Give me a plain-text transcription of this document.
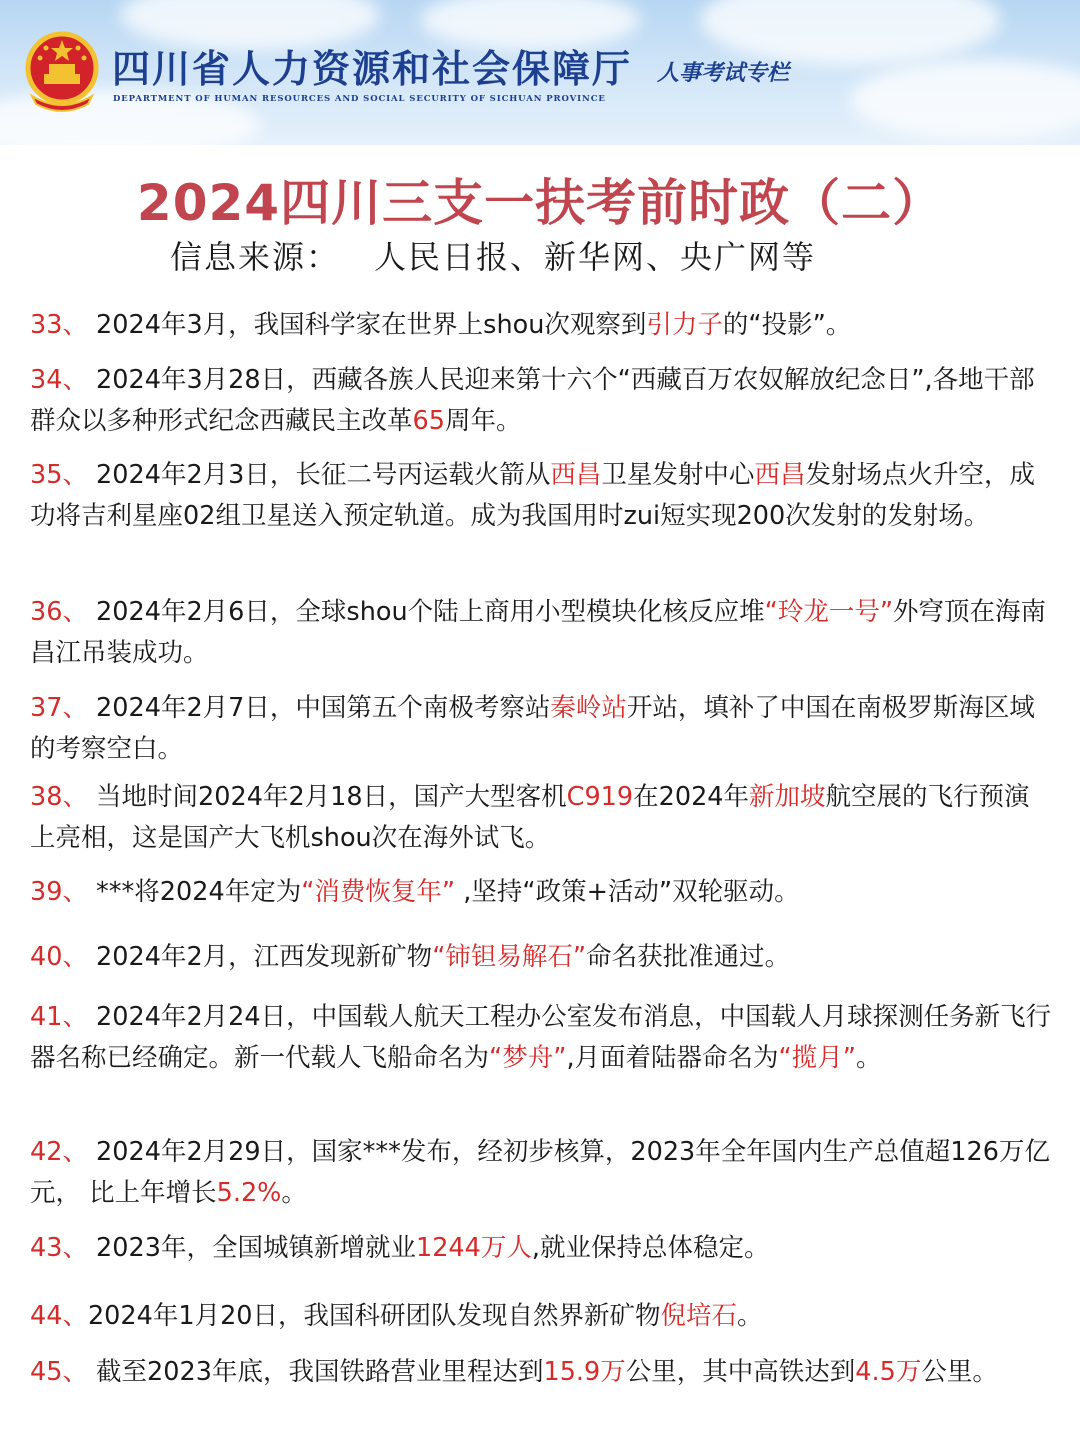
四川省人力资源和社会保障厅
DEPARTMENT OF HUMAN RESOURCES AND SOCIAL SECURITY OF SICHUAN PROVINCE
人事考试专栏
2024四川三支一扶考前时政（二）
信息来源： 人民日报、新华网、央广网等
33、 2024年3月，我国科学家在世界上shou次观察到引力子的“投影”。
34、 2024年3月28日，西藏各族人民迎来第十六个“西藏百万农奴解放纪念日”,各地干部群众以多种形式纪念西藏民主改革65周年。
35、 2024年2月3日，长征二号丙运载火箭从西昌卫星发射中心西昌发射场点火升空，成功将吉利星座02组卫星送入预定轨道。成为我国用时zui短实现200次发射的发射场。
36、 2024年2月6日，全球shou个陆上商用小型模块化核反应堆“玲龙一号”外穹顶在海南昌江吊装成功。
37、 2024年2月7日，中国第五个南极考察站秦岭站开站，填补了中国在南极罗斯海区域的考察空白。
38、 当地时间2024年2月18日，国产大型客机C919在2024年新加坡航空展的飞行预演上亮相，这是国产大飞机shou次在海外试飞。
39、 ***将2024年定为“消费恢复年” ,坚持“政策+活动”双轮驱动。
40、 2024年2月，江西发现新矿物“铈钽易解石”命名获批准通过。
41、 2024年2月24日，中国载人航天工程办公室发布消息，中国载人月球探测任务新飞行器名称已经确定。新一代载人飞船命名为“梦舟”,月面着陆器命名为“揽月”。
42、 2024年2月29日，国家***发布，经初步核算，2023年全年国内生产总值超126万亿元， 比上年增长5.2%。
43、 2023年，全国城镇新增就业1244万人,就业保持总体稳定。
44、2024年1月20日，我国科研团队发现自然界新矿物倪培石。
45、 截至2023年底，我国铁路营业里程达到15.9万公里，其中高铁达到4.5万公里。
